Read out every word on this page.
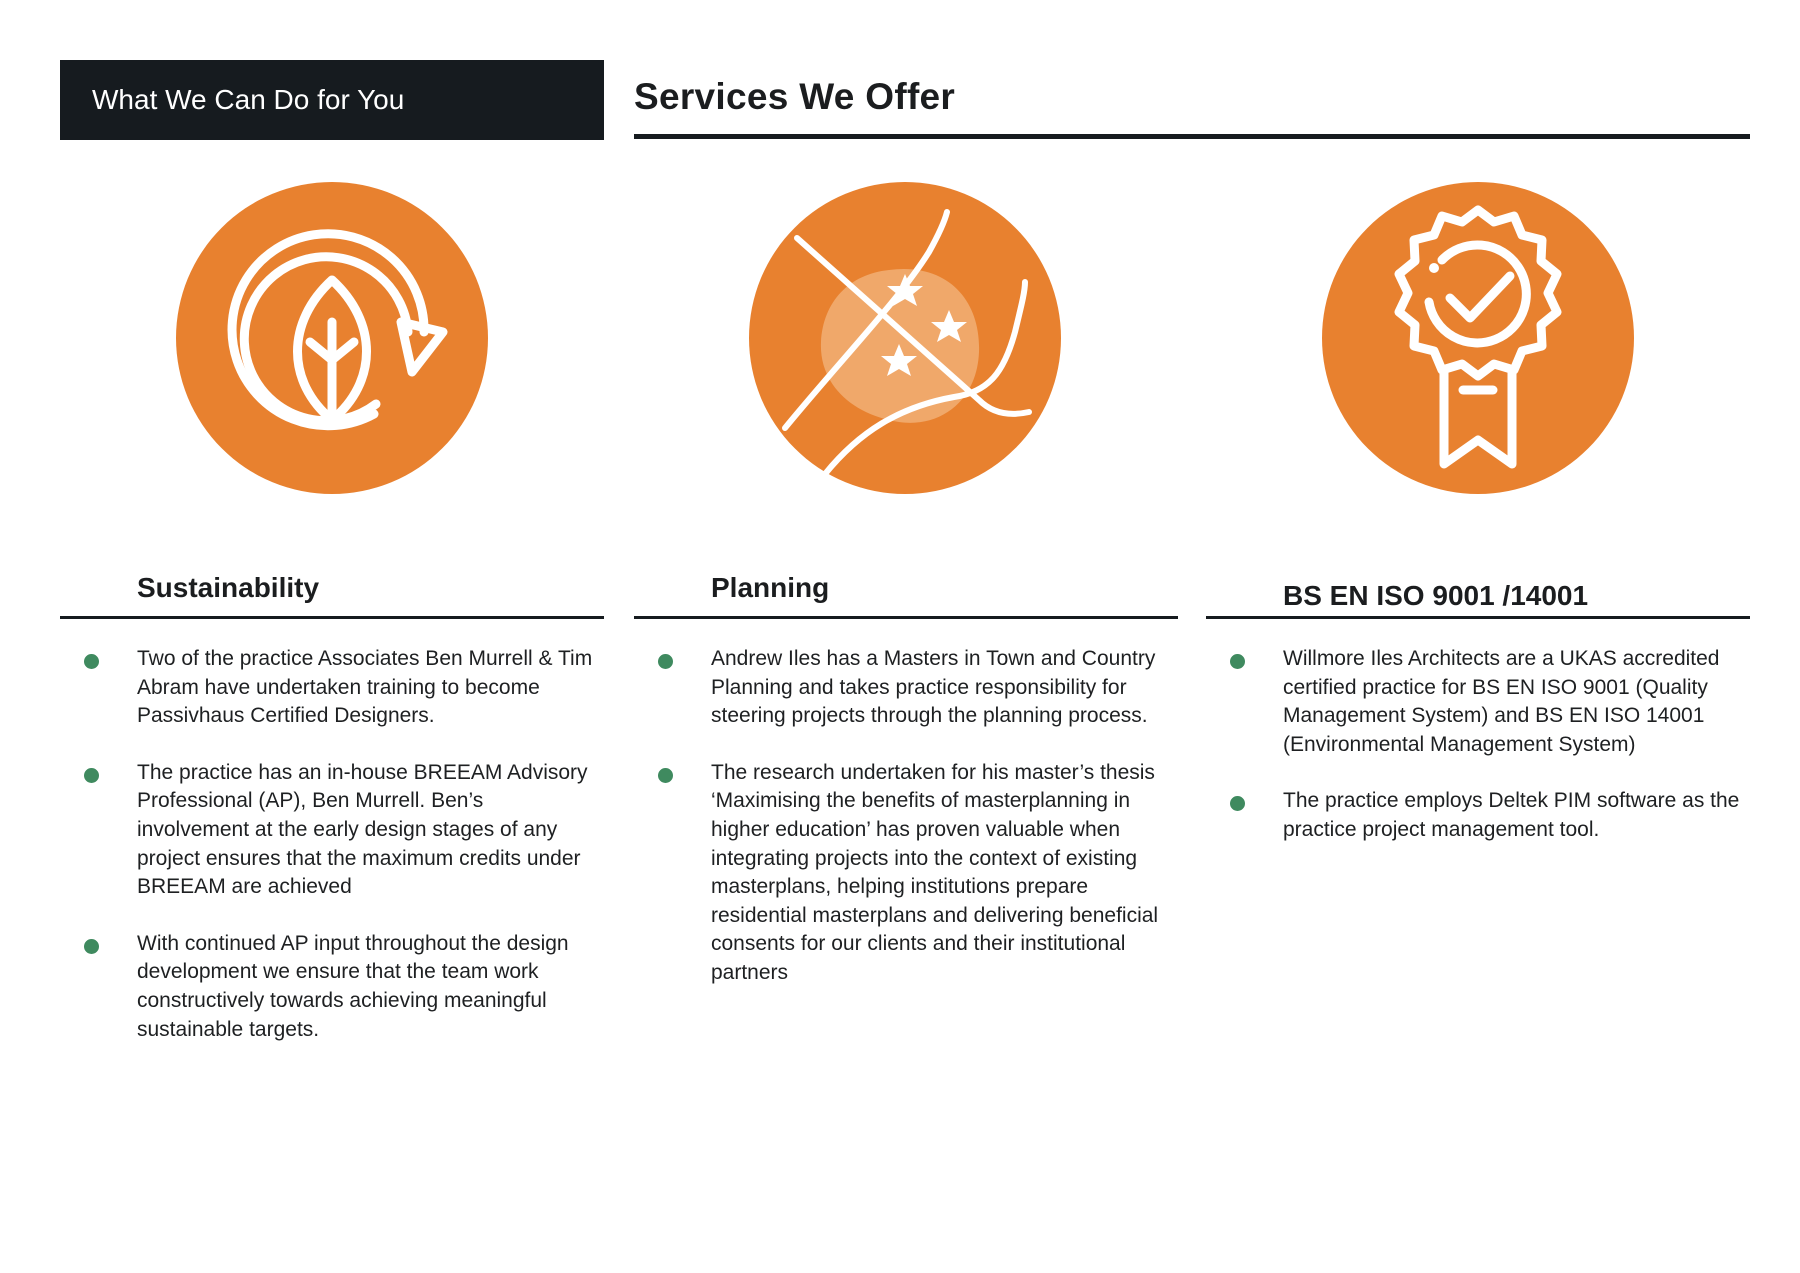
What We Can Do for You	Services We Offer
Sustainability
Two of the practice Associates Ben Murrell & Tim Abram have undertaken training to become Passivhaus Certified Designers.
The practice has an in-house BREEAM Advisory Professional (AP), Ben Murrell. Ben’s involvement at the early design stages of any project ensures that the maximum credits under BREEAM are achieved
With continued AP input throughout the design development we ensure that the team work constructively towards achieving meaningful sustainable targets.
Planning
Andrew Iles has a Masters in Town and Country Planning and takes practice responsibility for steering projects through the planning process.
The research undertaken for his master’s thesis ‘Maximising the benefits of masterplanning in higher education’ has proven valuable when integrating projects into the context of existing masterplans, helping institutions prepare residential masterplans and delivering beneficial consents for our clients and their institutional partners
BS EN ISO 9001 /14001
Willmore Iles Architects are a UKAS accredited certified practice for BS EN ISO 9001 (Quality Management System) and BS EN ISO 14001 (Environmental Management System)
The practice employs Deltek PIM software as the practice project management tool.
